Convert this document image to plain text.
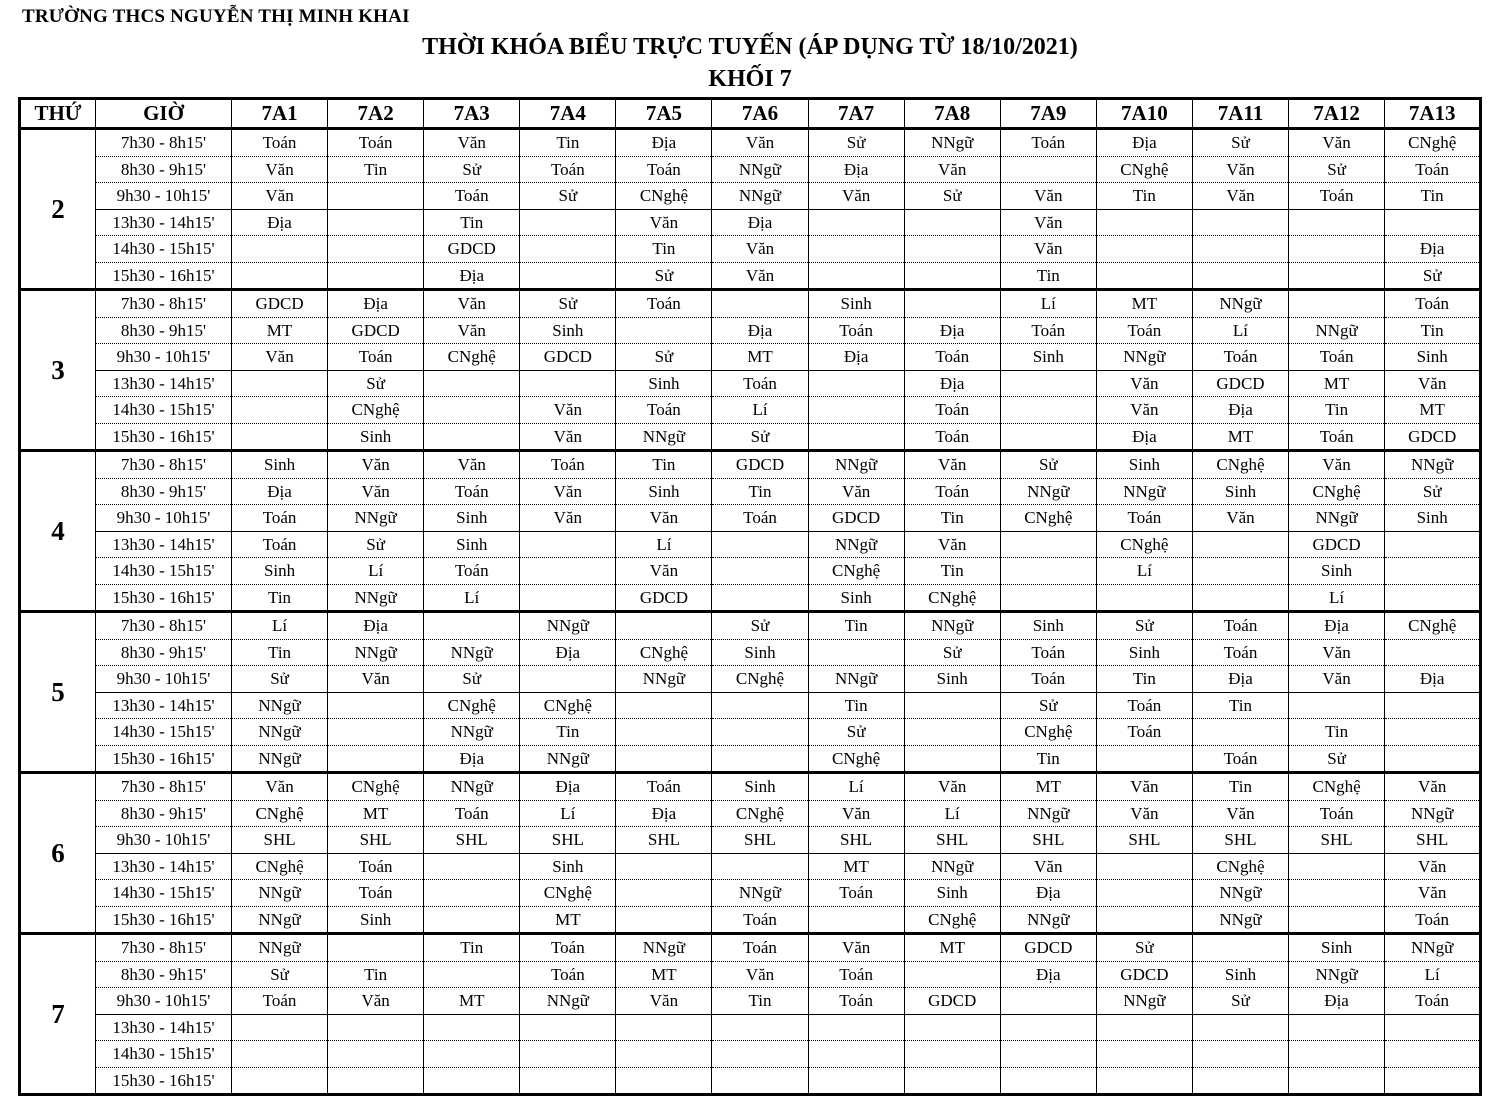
TRƯỜNG THCS NGUYỄN THỊ MINH KHAI
THỜI KHÓA BIỂU TRỰC TUYẾN (ÁP DỤNG TỪ 18/10/2021)
KHỐI 7
THỨ	GIỜ	7A1	7A2	7A3	7A4	7A5	7A6	7A7	7A8	7A9	7A10	7A11	7A12	7A13
2	7h30 - 8h15'	Toán	Toán	Văn	Tin	Địa	Văn	Sử	NNgữ	Toán	Địa	Sử	Văn	CNghệ
	8h30 - 9h15'	Văn	Tin	Sử	Toán	Toán	NNgữ	Địa	Văn		CNghệ	Văn	Sử	Toán
	9h30 - 10h15'	Văn		Toán	Sử	CNghệ	NNgữ	Văn	Sử	Văn	Tin	Văn	Toán	Tin
	13h30 - 14h15'	Địa		Tin		Văn	Địa			Văn				
	14h30 - 15h15'			GDCD		Tin	Văn			Văn				Địa
	15h30 - 16h15'			Địa		Sử	Văn			Tin				Sử
3	7h30 - 8h15'	GDCD	Địa	Văn	Sử	Toán		Sinh		Lí	MT	NNgữ		Toán
	8h30 - 9h15'	MT	GDCD	Văn	Sinh		Địa	Toán	Địa	Toán	Toán	Lí	NNgữ	Tin
	9h30 - 10h15'	Văn	Toán	CNghệ	GDCD	Sử	MT	Địa	Toán	Sinh	NNgữ	Toán	Toán	Sinh
	13h30 - 14h15'		Sử			Sinh	Toán		Địa		Văn	GDCD	MT	Văn
	14h30 - 15h15'		CNghệ		Văn	Toán	Lí		Toán		Văn	Địa	Tin	MT
	15h30 - 16h15'		Sinh		Văn	NNgữ	Sử		Toán		Địa	MT	Toán	GDCD
4	7h30 - 8h15'	Sinh	Văn	Văn	Toán	Tin	GDCD	NNgữ	Văn	Sử	Sinh	CNghệ	Văn	NNgữ
	8h30 - 9h15'	Địa	Văn	Toán	Văn	Sinh	Tin	Văn	Toán	NNgữ	NNgữ	Sinh	CNghệ	Sử
	9h30 - 10h15'	Toán	NNgữ	Sinh	Văn	Văn	Toán	GDCD	Tin	CNghệ	Toán	Văn	NNgữ	Sinh
	13h30 - 14h15'	Toán	Sử	Sinh		Lí		NNgữ	Văn		CNghệ		GDCD	
	14h30 - 15h15'	Sinh	Lí	Toán		Văn		CNghệ	Tin		Lí		Sinh	
	15h30 - 16h15'	Tin	NNgữ	Lí		GDCD		Sinh	CNghệ				Lí	
5	7h30 - 8h15'	Lí	Địa		NNgữ		Sử	Tin	NNgữ	Sinh	Sử	Toán	Địa	CNghệ
	8h30 - 9h15'	Tin	NNgữ	NNgữ	Địa	CNghệ	Sinh		Sử	Toán	Sinh	Toán	Văn	
	9h30 - 10h15'	Sử	Văn	Sử		NNgữ	CNghệ	NNgữ	Sinh	Toán	Tin	Địa	Văn	Địa
	13h30 - 14h15'	NNgữ		CNghệ	CNghệ			Tin		Sử	Toán	Tin		
	14h30 - 15h15'	NNgữ		NNgữ	Tin			Sử		CNghệ	Toán		Tin	
	15h30 - 16h15'	NNgữ		Địa	NNgữ			CNghệ		Tin		Toán	Sử	
6	7h30 - 8h15'	Văn	CNghệ	NNgữ	Địa	Toán	Sinh	Lí	Văn	MT	Văn	Tin	CNghệ	Văn
	8h30 - 9h15'	CNghệ	MT	Toán	Lí	Địa	CNghệ	Văn	Lí	NNgữ	Văn	Văn	Toán	NNgữ
	9h30 - 10h15'	SHL	SHL	SHL	SHL	SHL	SHL	SHL	SHL	SHL	SHL	SHL	SHL	SHL
	13h30 - 14h15'	CNghệ	Toán		Sinh			MT	NNgữ	Văn		CNghệ		Văn
	14h30 - 15h15'	NNgữ	Toán		CNghệ		NNgữ	Toán	Sinh	Địa		NNgữ		Văn
	15h30 - 16h15'	NNgữ	Sinh		MT		Toán		CNghệ	NNgữ		NNgữ		Toán
7	7h30 - 8h15'	NNgữ		Tin	Toán	NNgữ	Toán	Văn	MT	GDCD	Sử		Sinh	NNgữ
	8h30 - 9h15'	Sử	Tin		Toán	MT	Văn	Toán		Địa	GDCD	Sinh	NNgữ	Lí
	9h30 - 10h15'	Toán	Văn	MT	NNgữ	Văn	Tin	Toán	GDCD		NNgữ	Sử	Địa	Toán
	13h30 - 14h15'													
	14h30 - 15h15'													
	15h30 - 16h15'													
